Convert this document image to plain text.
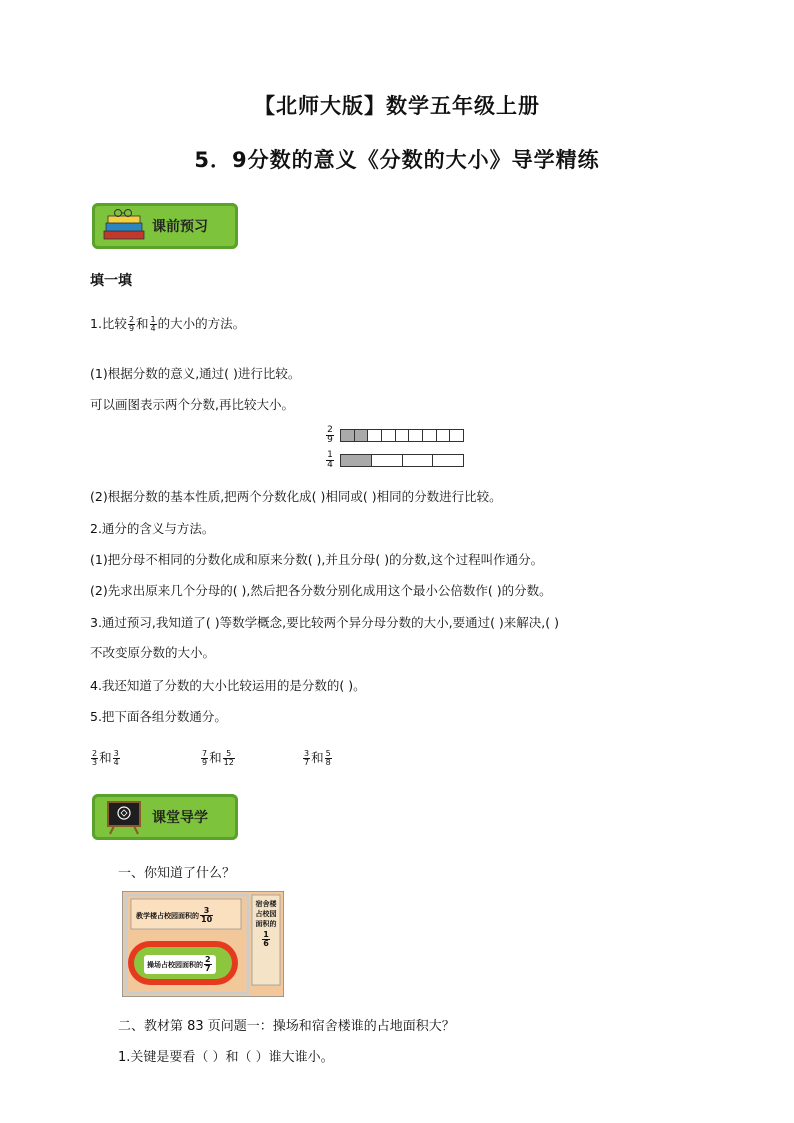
【北师大版】数学五年级上册
5．9分数的意义《分数的大小》导学精练
课前预习
填一填
1.比较 $\frac{2}{9}$ 和 $\frac{1}{4}$ 的大小的方法。
(1)根据分数的意义,通过( )进行比较。
可以画图表示两个分数,再比较大小。
2
9
1
4
(2)根据分数的基本性质,把两个分数化成( )相同或( )相同的分数进行比较。
2.通分的含义与方法。
(1)把分母不相同的分数化成和原来分数( ),并且分母( )的分数,这个过程叫作通分。
(2)先求出原来几个分母的( ),然后把各分数分别化成用这个最小公倍数作( )的分数。
3.通过预习,我知道了( )等数学概念,要比较两个异分母分数的大小,要通过( )来解决,( )
不改变原分数的大小。
4.我还知道了分数的大小比较运用的是分数的( )。
5.把下面各组分数通分。
$\frac{2}{3}$ 和 $\frac{3}{4}$	$\frac{7}{9}$ 和 $\frac{5}{12}$	$\frac{3}{7}$ 和 $\frac{5}{8}$
课堂导学
一、你知道了什么？
教学楼占校园面积的 $\frac{3}{10}$
宿舍楼
占校园
面积的
$\frac{1}{6}$
操场占校园面积的 $\frac{2}{7}$
二、教材第 83 页问题一：操场和宿舍楼谁的占地面积大？
1.关键是要看（ ）和（ ）谁大谁小。
